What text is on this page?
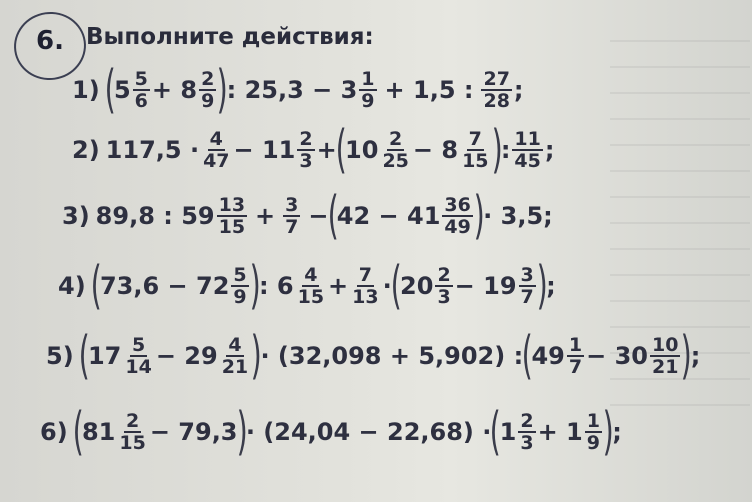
6. Выполните действия:
1) (
$5 \frac{5}{6} + 8 \frac{2}{9}$ )
: $25,3 - 3 \frac{1}{9} + 1,5$ : $\frac{27}{28}$ ;
2) $117,5 \cdot \frac{4}{47} - 11 \frac{2}{3}$ +
(
$10 \frac{2}{25} - 8 \frac{7}{15}$ )
: $\frac{11}{45}$ ;
3) 89,8 : $59 \frac{13}{15} + \frac{3}{7}$ −
(
$42 - 41 \frac{36}{49}$ )
· 3,5;
4) (
$73,6 - 72 \frac{5}{9}$ )
: $6 \frac{4}{15} + \frac{7}{13}$ ·
(
$20 \frac{2}{3} - 19 \frac{3}{7}$ )
;
5) (
$17 \frac{5}{14} - 29 \frac{4}{21}$ )
· (32,098 + 5,902) :
(
$49 \frac{1}{7} - 30 \frac{10}{21}$ )
;
6) (
$81 \frac{2}{15} - 79,3$
)
· (24,04 − 22,68) ·
(
$1 \frac{2}{3} + 1 \frac{1}{9}$ )
;
